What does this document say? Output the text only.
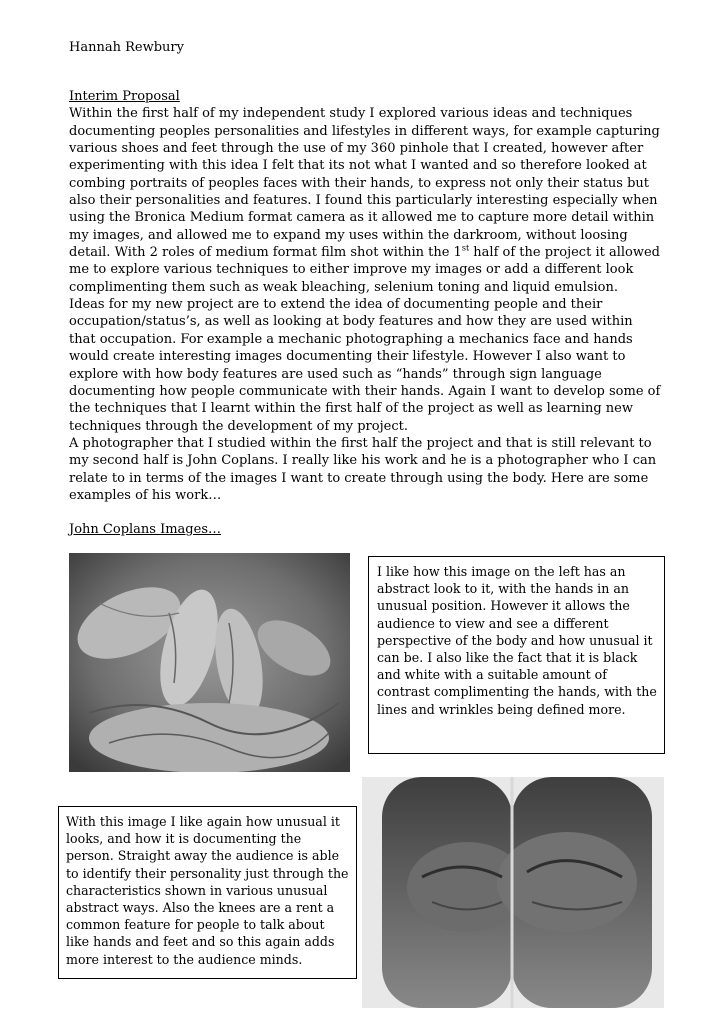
Hannah Rewbury
Interim Proposal

Within the first half of my independent study I explored various ideas and techniques documenting peoples personalities and lifestyles in different ways, for example capturing various shoes and feet through the use of my 360 pinhole that I created, however after experimenting with this idea I felt that its not what I wanted and so therefore looked at combing portraits of peoples faces with their hands, to express not only their status but also their personalities and features. I found this particularly interesting especially when using the Bronica Medium format camera as it allowed me to capture more detail within my images, and allowed me to expand my uses within the darkroom, without loosing detail. With 2 roles of medium format film shot within the 1st half of the project it allowed me to explore various techniques to either improve my images or add a different look complimenting them such as weak bleaching, selenium toning and liquid emulsion.

Ideas for my new project are to extend the idea of documenting people and their occupation/status’s, as well as looking at body features and how they are used within that occupation. For example a mechanic photographing a mechanics face and hands would create interesting images documenting their lifestyle. However I also want to explore with how body features are used such as “hands” through sign language documenting how people communicate with their hands. Again I want to develop some of the techniques that I learnt within the first half of the project as well as learning new techniques through the development of my project.

A photographer that I studied within the first half the project and that is still relevant to my second half is John Coplans. I really like his work and he is a photographer who I can relate to in terms of the images I want to create through using the body. Here are some examples of his work…

John Coplans Images…
I like how this image on the left has an abstract look to it, with the hands in an unusual position. However it allows the audience to view and see a different perspective of the body and how unusual it can be. I also like the fact that it is black and white with a suitable amount of contrast complimenting the hands, with the lines and wrinkles being defined more.
With this image I like again how unusual it looks, and how it is documenting the person. Straight away the audience is able to identify their personality just through the characteristics shown in various unusual abstract ways. Also the knees are a rent a common feature for people to talk about like hands and feet and so this again adds more interest to the audience minds.
